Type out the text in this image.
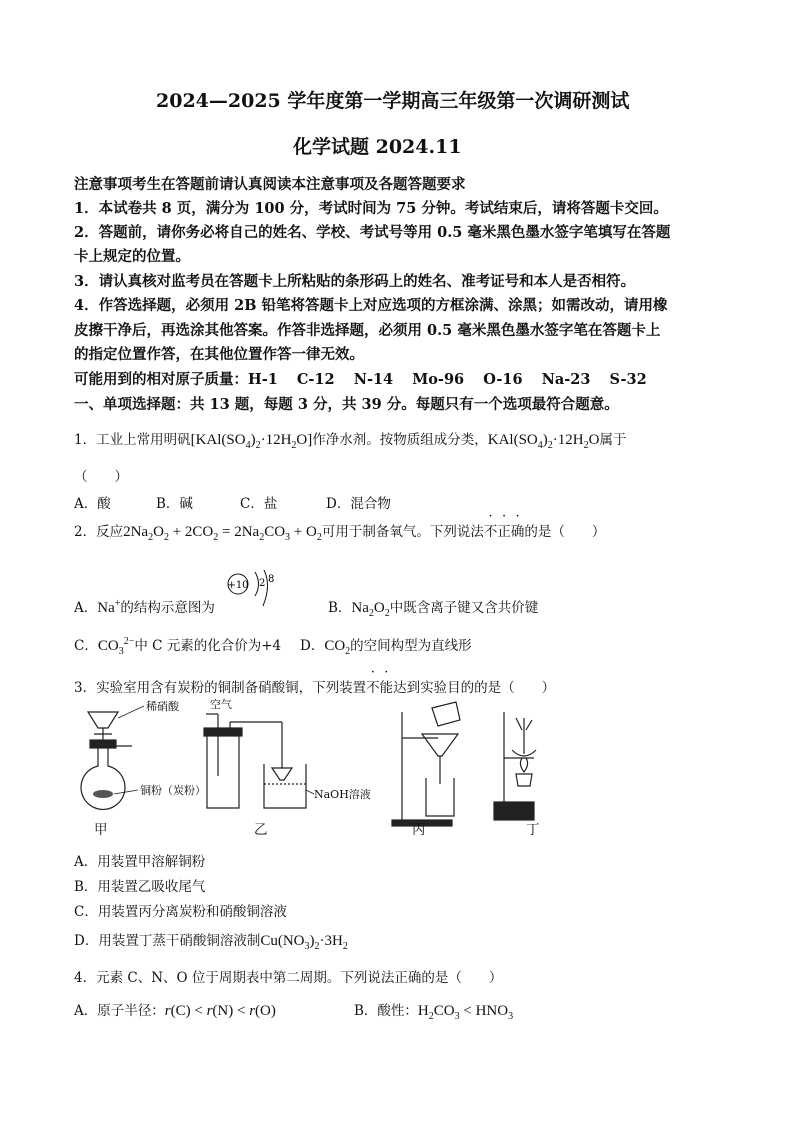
2024—2025 学年度第一学期高三年级第一次调研测试
化学试题 2024.11
注意事项考生在答题前请认真阅读本注意事项及各题答题要求
1．本试卷共 8 页，满分为 100 分，考试时间为 75 分钟。考试结束后，请将答题卡交回。
2．答题前，请你务必将自己的姓名、学校、考试号等用 0.5 毫米黑色墨水签字笔填写在答题
卡上规定的位置。
3．请认真核对监考员在答题卡上所粘贴的条形码上的姓名、准考证号和本人是否相符。
4．作答选择题，必须用 2B 铅笔将答题卡上对应选项的方框涂满、涂黑；如需改动，请用橡
皮擦干净后，再选涂其他答案。作答非选择题，必须用 0.5 毫米黑色墨水签字笔在答题卡上
的指定位置作答，在其他位置作答一律无效。
可能用到的相对原子质量：H-1 C-12 N-14 Mo-96 O-16 Na-23 S-32
一、单项选择题：共 13 题，每题 3 分，共 39 分。每题只有一个选项最符合题意。
1．工业上常用明矾$[KAl(SO_4)_2\cdot 12H_2O]$作净水剂。按物质组成分类，$KAl(SO_4)_2\cdot 12H_2O$属于
（　　）
A．酸	B．碱	C．盐	D．混合物
2．反应$2Na_2O_2 + 2CO_2 = 2Na_2CO_3 + O_2$可用于制备氧气。下列说法不正确的是（　　）
+10 2 8
A．Na+的结构示意图为	B．$Na_2O_2$中既含离子键又含共价键
C．$CO_3^{2-}$中 C 元素的化合价为+4 D．$CO_2$的空间构型为直线形
3．实验室用含有炭粉的铜制备硝酸铜，下列装置不能达到实验目的的是（　　）
稀硝酸
铜粉（炭粉）
空气
NaOH溶液
甲	乙	丙	丁
A．用装置甲溶解铜粉
B．用装置乙吸收尾气
C．用装置丙分离炭粉和硝酸铜溶液
D．用装置丁蒸干硝酸铜溶液制$Cu(NO_3)_2\cdot 3H_2$
4．元素 C、N、O 位于周期表中第二周期。下列说法正确的是（　　）
A．原子半径：r(C) < r(N) < r(O)	B．酸性：$H_2CO_3 < HNO_3$
